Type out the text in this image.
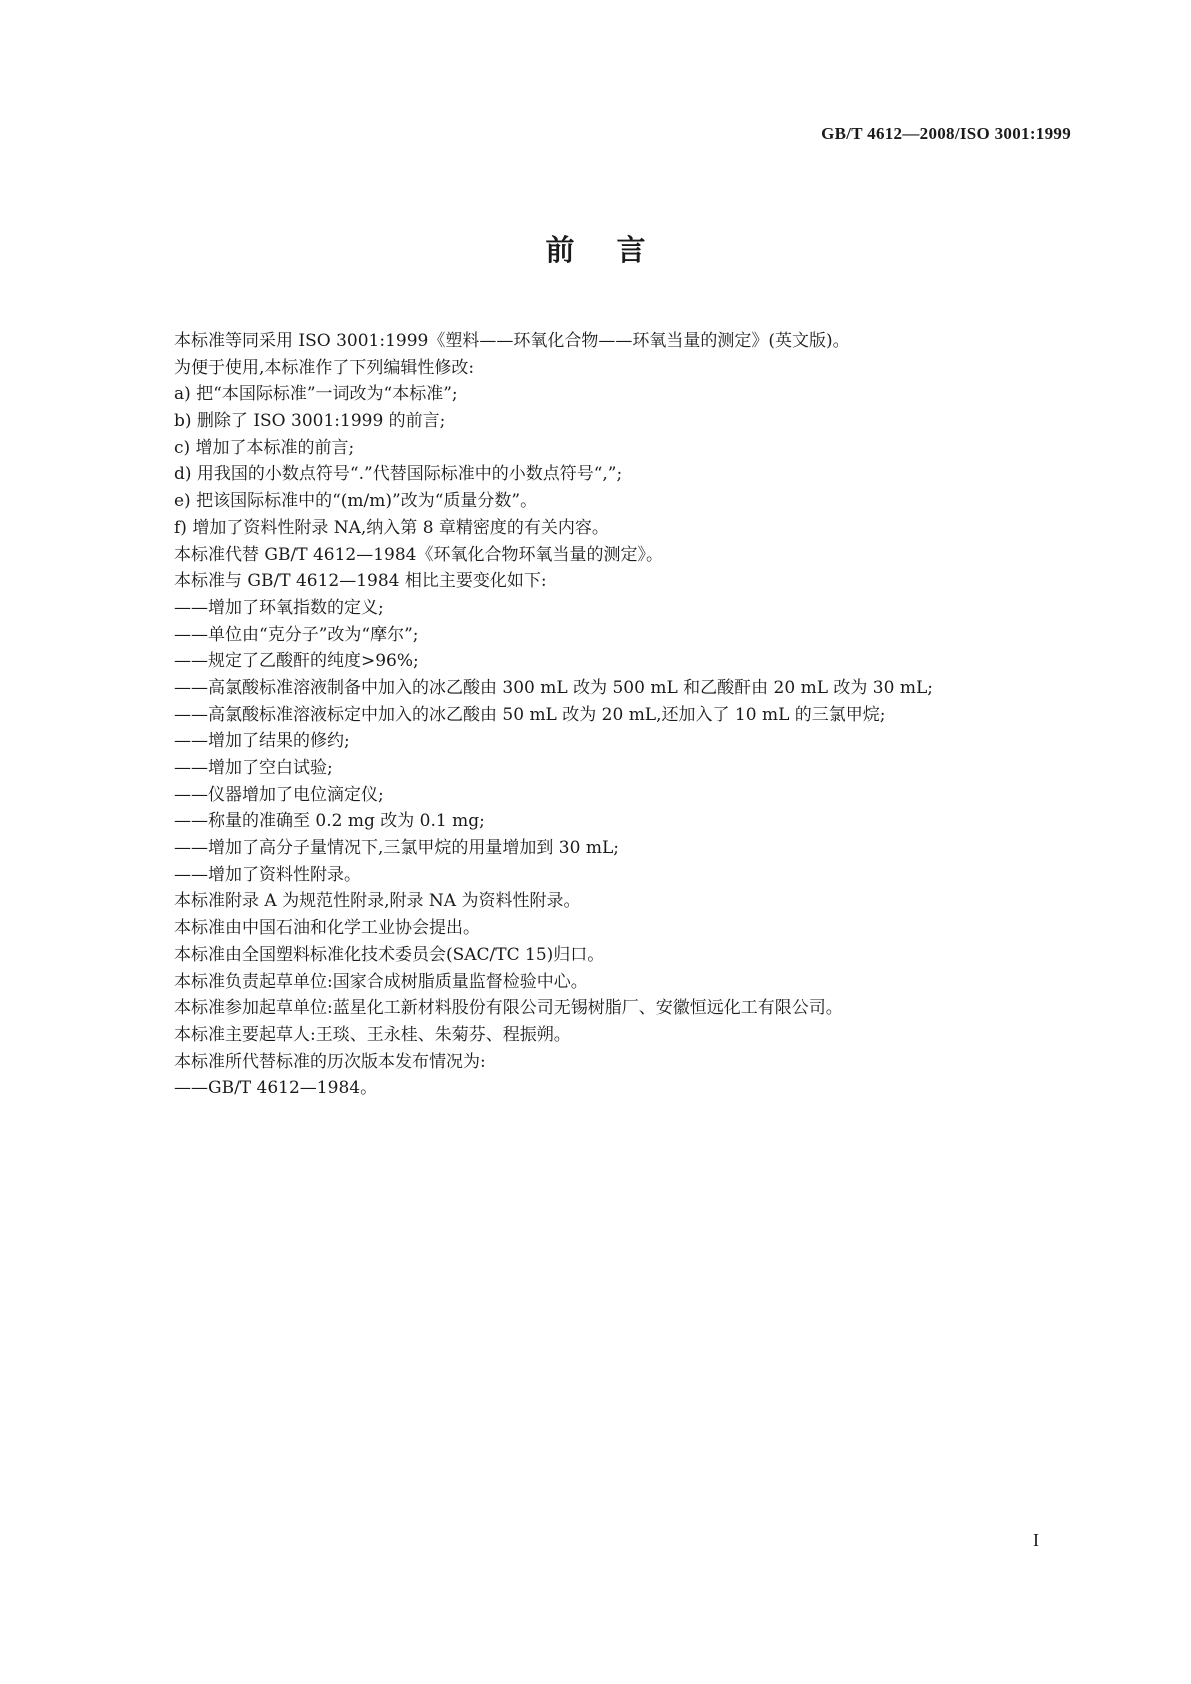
GB/T 4612—2008/ISO 3001:1999
前言
本标准等同采用 ISO 3001:1999《塑料——环氧化合物——环氧当量的测定》(英文版)。
为便于使用,本标准作了下列编辑性修改:
a) 把“本国际标准”一词改为“本标准”;
b) 删除了 ISO 3001:1999 的前言;
c) 增加了本标准的前言;
d) 用我国的小数点符号“.”代替国际标准中的小数点符号“,”;
e) 把该国际标准中的“(m/m)”改为“质量分数”。
f) 增加了资料性附录 NA,纳入第 8 章精密度的有关内容。
本标准代替 GB/T 4612—1984《环氧化合物环氧当量的测定》。
本标准与 GB/T 4612—1984 相比主要变化如下:
——增加了环氧指数的定义;
——单位由“克分子”改为“摩尔”;
——规定了乙酸酐的纯度>96%;
——高氯酸标准溶液制备中加入的冰乙酸由 300 mL 改为 500 mL 和乙酸酐由 20 mL 改为 30 mL;
——高氯酸标准溶液标定中加入的冰乙酸由 50 mL 改为 20 mL,还加入了 10 mL 的三氯甲烷;
——增加了结果的修约;
——增加了空白试验;
——仪器增加了电位滴定仪;
——称量的准确至 0.2 mg 改为 0.1 mg;
——增加了高分子量情况下,三氯甲烷的用量增加到 30 mL;
——增加了资料性附录。
本标准附录 A 为规范性附录,附录 NA 为资料性附录。
本标准由中国石油和化学工业协会提出。
本标准由全国塑料标准化技术委员会(SAC/TC 15)归口。
本标准负责起草单位:国家合成树脂质量监督检验中心。
本标准参加起草单位:蓝星化工新材料股份有限公司无锡树脂厂、安徽恒远化工有限公司。
本标准主要起草人:王琰、王永桂、朱菊芬、程振朔。
本标准所代替标准的历次版本发布情况为:
——GB/T 4612—1984。
I
